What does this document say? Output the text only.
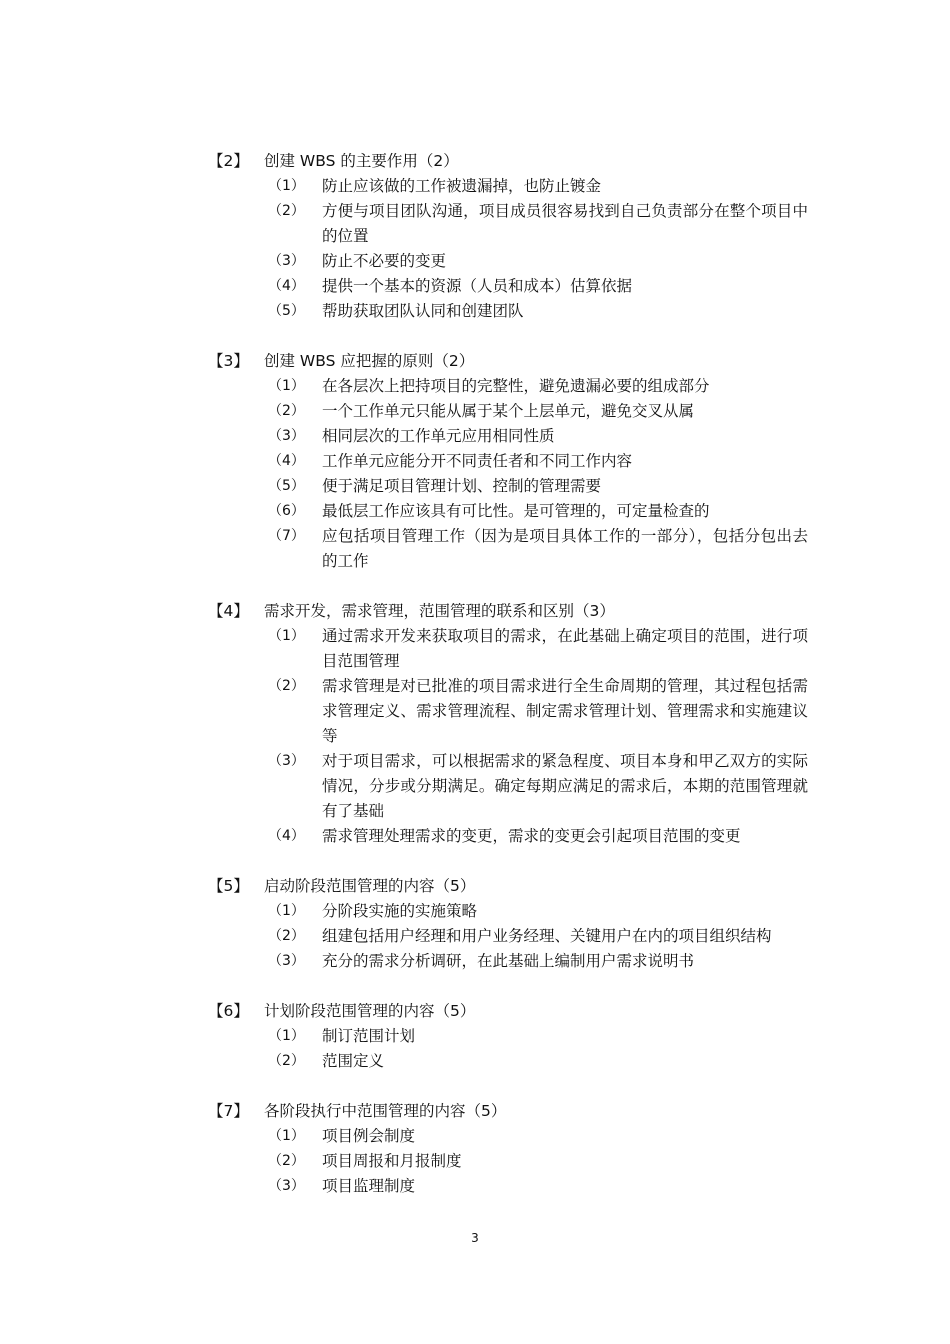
【2】 创建 WBS 的主要作用（2）
（1）	防止应该做的工作被遗漏掉，也防止镀金
（2）	方便与项目团队沟通，项目成员很容易找到自己负责部分在整个项目中的位置
（3）	防止不必要的变更
（4）	提供一个基本的资源（人员和成本）估算依据
（5）	帮助获取团队认同和创建团队
【3】 创建 WBS 应把握的原则（2）
（1）	在各层次上把持项目的完整性，避免遗漏必要的组成部分
（2）	一个工作单元只能从属于某个上层单元，避免交叉从属
（3）	相同层次的工作单元应用相同性质
（4）	工作单元应能分开不同责任者和不同工作内容
（5）	便于满足项目管理计划、控制的管理需要
（6）	最低层工作应该具有可比性。是可管理的，可定量检查的
（7）	应包括项目管理工作（因为是项目具体工作的一部分），包括分包出去的工作
【4】 需求开发，需求管理，范围管理的联系和区别（3）
（1）	通过需求开发来获取项目的需求，在此基础上确定项目的范围，进行项目范围管理
（2）	需求管理是对已批准的项目需求进行全生命周期的管理，其过程包括需求管理定义、需求管理流程、制定需求管理计划、管理需求和实施建议等
（3）	对于项目需求，可以根据需求的紧急程度、项目本身和甲乙双方的实际情况，分步或分期满足。确定每期应满足的需求后，本期的范围管理就有了基础
（4）	需求管理处理需求的变更，需求的变更会引起项目范围的变更
【5】 启动阶段范围管理的内容（5）
（1）	分阶段实施的实施策略
（2）	组建包括用户经理和用户业务经理、关键用户在内的项目组织结构
（3）	充分的需求分析调研，在此基础上编制用户需求说明书
【6】 计划阶段范围管理的内容（5）
（1）	制订范围计划
（2）	范围定义
【7】 各阶段执行中范围管理的内容（5）
（1）	项目例会制度
（2）	项目周报和月报制度
（3）	项目监理制度
3
